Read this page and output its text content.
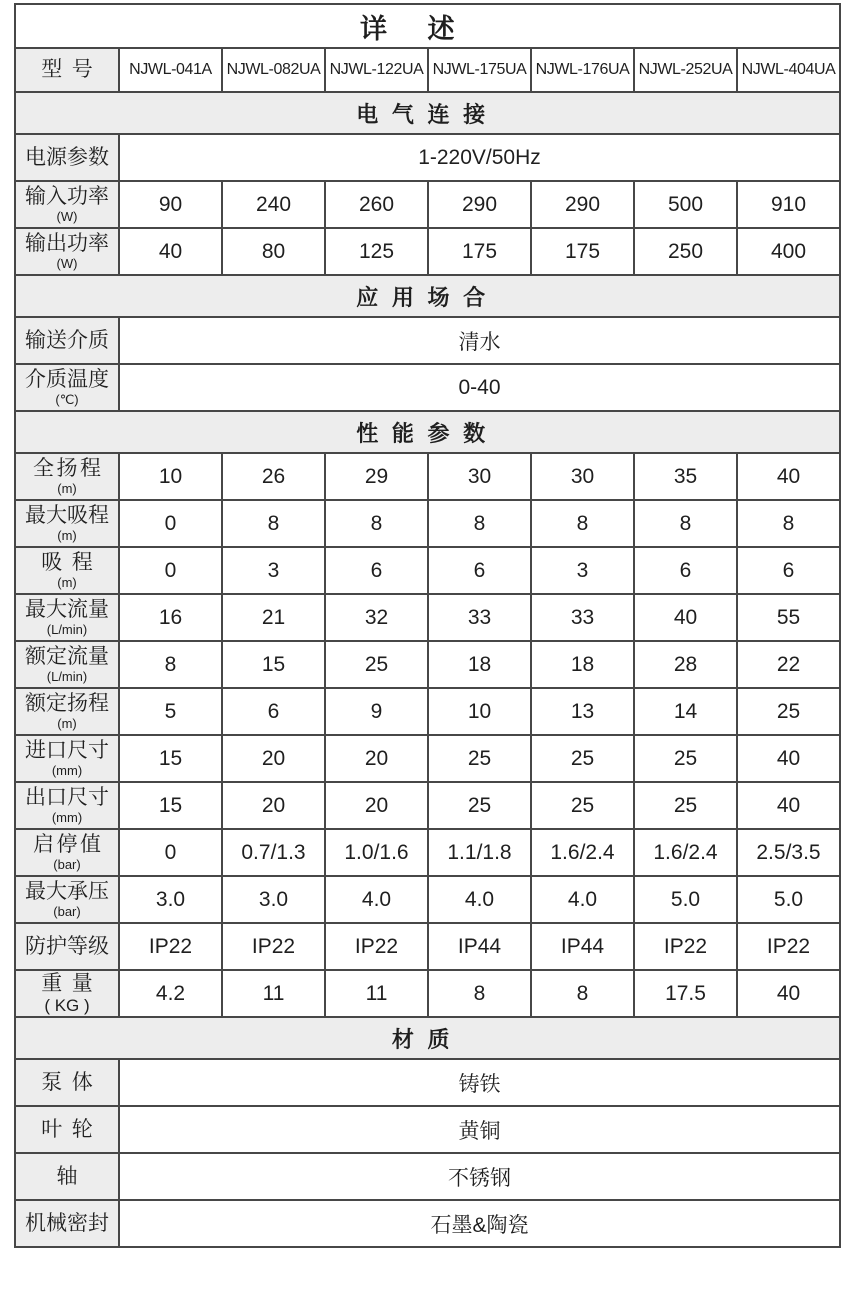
详述							

型号	NJWL-041A	NJWL-082UA	NJWL-122UA	NJWL-175UA	NJWL-176UA	NJWL-252UA	NJWL-404UA
电气连接							

电源参数	1-220V/50Hz						

输入功率
(W)	90	240	260	290	290	500	910

输出功率
(W)	40	80	125	175	175	250	400
应用场合							

输送介质	清水						

介质温度
(℃)	0-40						
性能参数							

全扬程
(m)	10	26	29	30	30	35	40

最大吸程
(m)	0	8	8	8	8	8	8

吸程
(m)	0	3	6	6	3	6	6

最大流量
(L/min)	16	21	32	33	33	40	55

额定流量
(L/min)	8	15	25	18	18	28	22

额定扬程
(m)	5	6	9	10	13	14	25

进口尺寸
(mm)	15	20	20	25	25	25	40

出口尺寸
(mm)	15	20	20	25	25	25	40

启停值
(bar)	0	0.7/1.3	1.0/1.6	1.1/1.8	1.6/2.4	1.6/2.4	2.5/3.5

最大承压
(bar)	3.0	3.0	4.0	4.0	4.0	5.0	5.0

防护等级	IP22	IP22	IP22	IP44	IP44	IP22	IP22

重量
( KG )	4.2	11	11	8	8	17.5	40
材质							

泵体	铸铁						

叶轮	黄铜						

轴	不锈钢						

机械密封	石墨&陶瓷						
